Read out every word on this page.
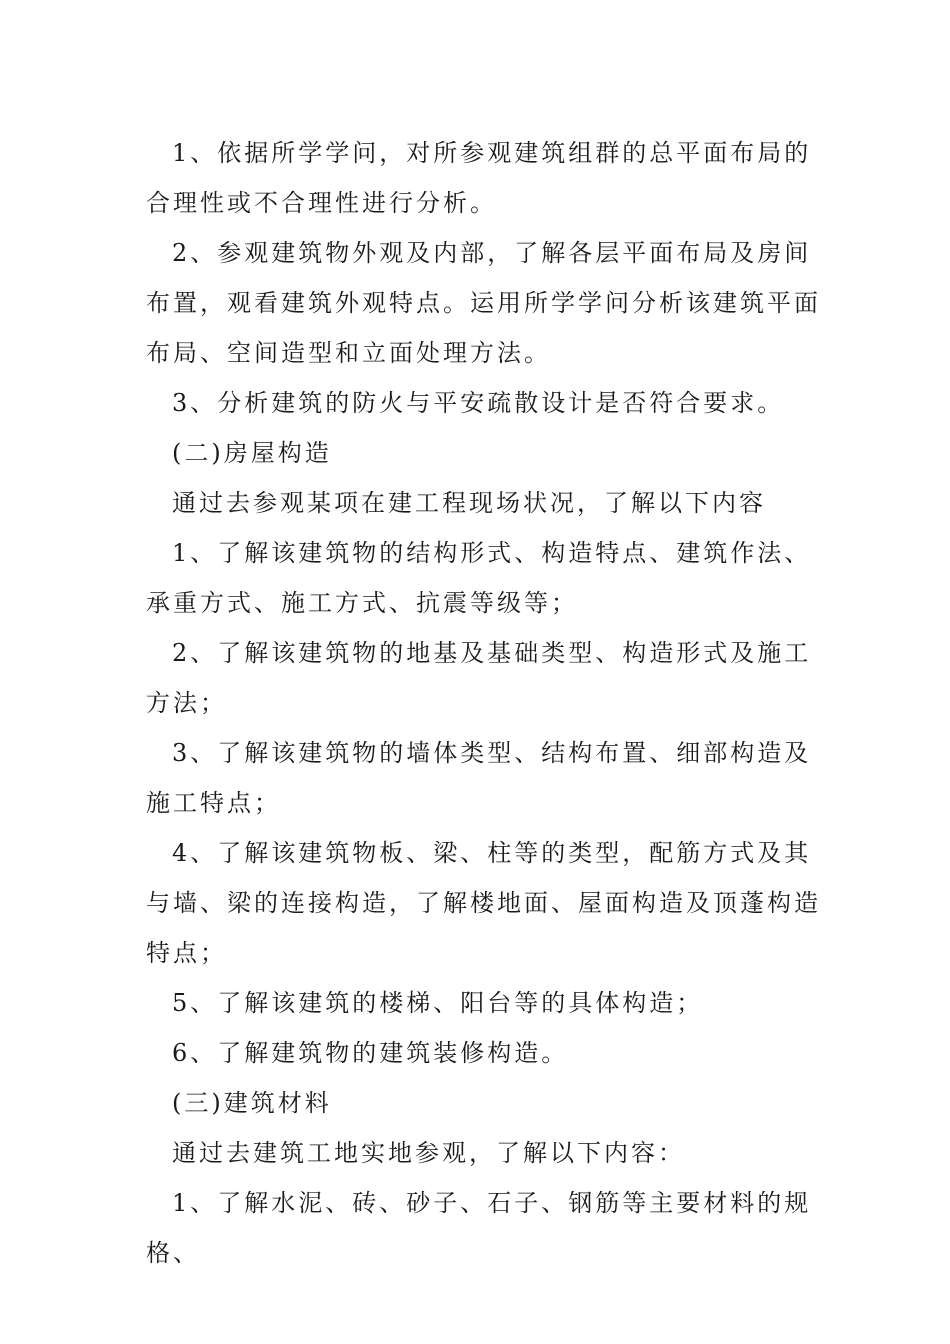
1、依据所学学问，对所参观建筑组群的总平面布局的合理性或不合理性进行分析。

2、参观建筑物外观及内部，了解各层平面布局及房间布置，观看建筑外观特点。运用所学学问分析该建筑平面布局、空间造型和立面处理方法。

3、分析建筑的防火与平安疏散设计是否符合要求。

(二)房屋构造

通过去参观某项在建工程现场状况，了解以下内容

1、了解该建筑物的结构形式、构造特点、建筑作法、承重方式、施工方式、抗震等级等；

2、了解该建筑物的地基及基础类型、构造形式及施工方法；

3、了解该建筑物的墙体类型、结构布置、细部构造及施工特点；

4、了解该建筑物板、梁、柱等的类型，配筋方式及其与墙、梁的连接构造，了解楼地面、屋面构造及顶蓬构造特点；

5、了解该建筑的楼梯、阳台等的具体构造；

6、了解建筑物的建筑装修构造。

(三)建筑材料

通过去建筑工地实地参观，了解以下内容：

1、了解水泥、砖、砂子、石子、钢筋等主要材料的规格、
